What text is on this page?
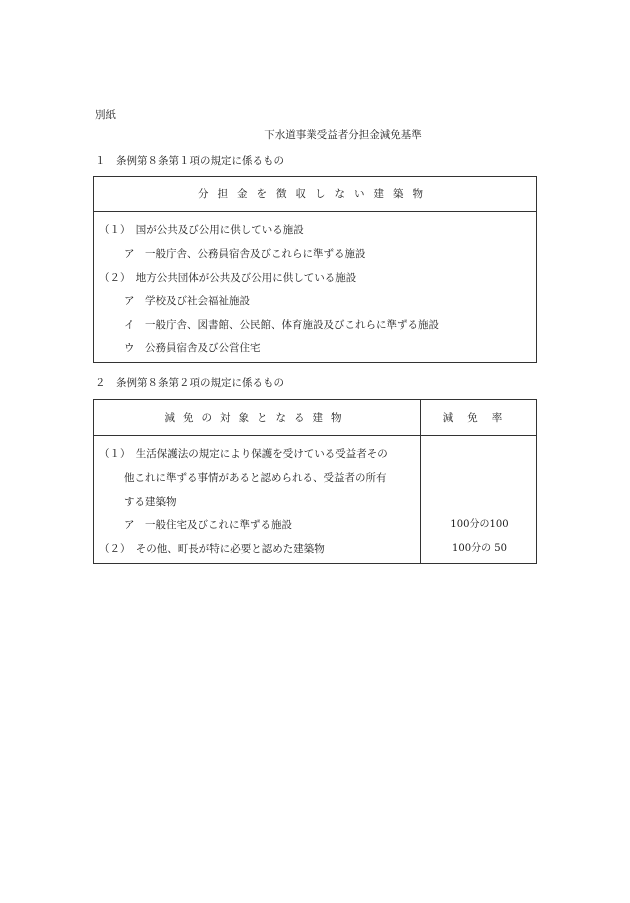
別紙
下水道事業受益者分担金減免基準
１　条例第８条第１項の規定に係るもの
分担金を徴収しない建築物
（１）　国が公共及び公用に供している施設
ア　一般庁舎、公務員宿舎及びこれらに準ずる施設
（２）　地方公共団体が公共及び公用に供している施設
ア　学校及び社会福祉施設
イ　一般庁舎、図書館、公民館、体育施設及びこれらに準ずる施設
ウ　公務員宿舎及び公営住宅
２　条例第８条第２項の規定に係るもの
減免の対象となる建物	減免率
（１）　生活保護法の規定により保護を受けている受益者その
他これに準ずる事情があると認められる、受益者の所有
する建築物
ア　一般住宅及びこれに準ずる施設
（２）　その他、町長が特に必要と認めた建築物
100分の100
100分の 50
